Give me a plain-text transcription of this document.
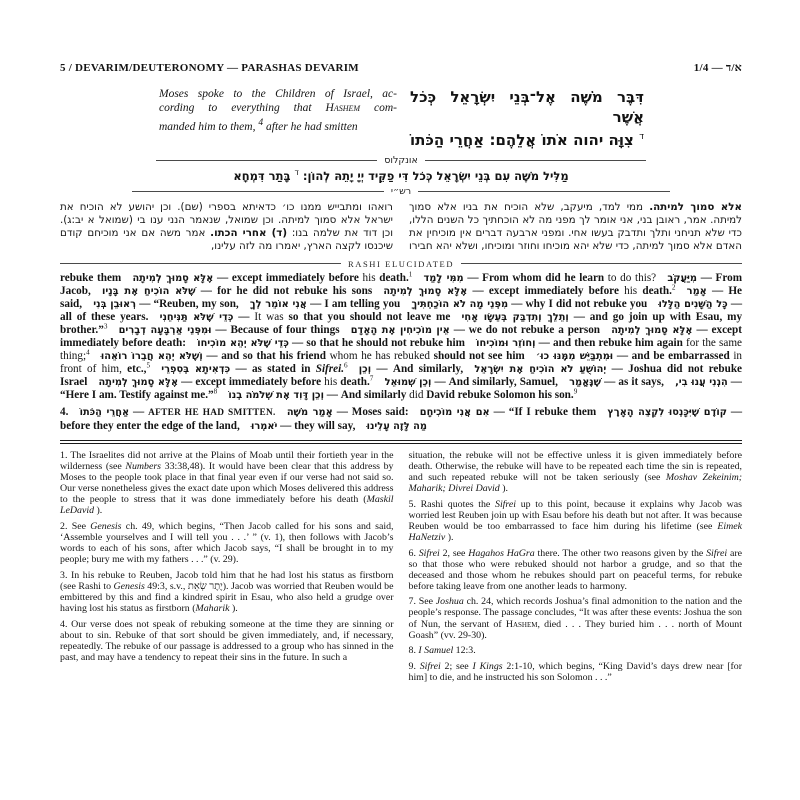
5 / DEVARIM/DEUTERONOMY — PARASHAS DEVARIM	1/4 — א/ד
Moses spoke to the Children of Israel, ac-
cording to everything that Hashem com-
manded him to them, $^4$ after he had smitten
דִּבֶּר מֹשֶׁה אֶל־בְּנֵי יִשְׂרָאֵל כְּכֹל אֲשֶׁר
$^ד$ צִוָּה יהוה אֹתוֹ אֲלֵהֶם: אַחֲרֵי הַכֹּתוֹ
אונקלוס
מַלִּיל מֹשֶׁה עִם בְּנֵי יִשְׂרָאֵל כְּכֹל דִּי פַקֵּיד יְיָ יָתֵהּ לְהוֹן: $^ד$ בָּתַר דִּמְחָא
רש״י
אלא סמוך למיתה. ממי למד, מיעקב, שלא הוכיח את בניו אלא סמוך למיתה. אמר, ראובן בני, אני אומר לך מפני מה לא הוכחתיך כל השנים הללו, כדי שלא תניחני ותלך ותדבק בעשו אחי. ומפני ארבעה דברים אין מוכיחין את האדם אלא סמוך למיתה, כדי שלא יהא מוכיחו וחוזר ומוכיחו, ושלא יהא חבירו רואהו ומתבייש ממנו כו׳ כדאיתא בספרי (שם). וכן יהושע לא הוכיח את ישראל אלא סמוך למיתה. וכן שמואל, שנאמר הנני ענו בי (שמואל א יב:ג). וכן דוד את שלמה בנו: (ד) אחרי הכתו. אמר משה אם אני מוכיחם קודם שיכנסו לקצה הארץ, יאמרו מה לזה עלינו,
RASHI ELUCIDATED

rebuke them   אֶלָּא סָמוּךְ לְמִיתָה — except immediately before his death.$^1$   מִמִּי לָמַד — From whom did he learn to do this?   מִיַּעֲקֹב — From Jacob,   שֶׁלֹּא הוֹכִיחַ אֶת בָּנָיו — for he did not rebuke his sons   אֶלָּא סָמוּךְ לְמִיתָה — except immediately before his death.$^2$   אָמַר — He said,   רְאוּבֵן בְּנִי — “Reuben, my son,   אֲנִי אוֹמֵר לְךָ — I am telling you   מִפְּנֵי מָה לֹא הוֹכַחְתִּיךָ — why I did not rebuke you   כָּל הַשָּׁנִים הַלָּלוּ — all of these years.   כְּדֵי שֶׁלֹּא תַּנִּיחֵנִי — It was so that you should not leave me   וְתֵלֵךְ וְתִדְבַּק בְּעֵשָׂו אָחִי — and go join up with Esau, my brother.”$^3$   וּמִפְּנֵי אַרְבָּעָה דְבָרִים — Because of four things   אֵין מוֹכִיחִין אֶת הָאָדָם — we do not rebuke a person   אֶלָּא סָמוּךְ לְמִיתָה — except immediately before death:   כְּדֵי שֶׁלֹּא יְהֵא מוֹכִיחוֹ — so that he should not rebuke him   וְחוֹזֵר וּמוֹכִיחוֹ — and then rebuke him again for the same thing;$^4$   וְשֶׁלֹּא יְהֵא חֲבֵרוֹ רוֹאֵהוּ — and so that his friend whom he has rebuked should not see him   וּמִתְבַּיֵּשׁ מִמֶּנּוּ כוּ׳ — and be embarrassed in front of him, etc.,$^5$   כִּדְאִיתָא בְּסִפְרֵי — as stated in Sifrei.$^6$   וְכֵן — And similarly,   יְהוֹשֻׁעַ לֹא הוֹכִיחַ אֶת יִשְׂרָאֵל — Joshua did not rebuke Israel   אֶלָּא סָמוּךְ לְמִיתָה — except immediately before his death.$^7$   וְכֵן שְׁמוּאֵל — And similarly, Samuel,   שֶׁנֶּאֱמַר — as it says,   הִנְנִי עֲנוּ בִי, — “Here I am. Testify against me.”$^8$   וְכֵן דָּוִד אֶת שְׁלֹמֹה בְנוֹ — And similarly did David rebuke Solomon his son.$^9$

4.   אַחֲרֵי הַכֹּתוֹ — AFTER HE HAD SMITTEN.   אָמַר מֹשֶׁה — Moses said:   אִם אֲנִי מוֹכִיחָם — “If I rebuke them   קוֹדֶם שֶׁיִּכָּנְסוּ לִקְצֵה הָאָרֶץ — before they enter the edge of the land,   יֹאמְרוּ — they will say,   מַה לָּזֶה עָלֵינוּ

1. The Israelites did not arrive at the Plains of Moab until their fortieth year in the wilderness (see Numbers 33:38,48). It would have been clear that this address by Moses to the people took place in that final year even if our verse had not said so. Our verse nonetheless gives the exact date upon which Moses delivered this address to the people to stress that it was done immediately before his death (Maskil LeDavid ).

2. See Genesis ch. 49, which begins, “Then Jacob called for his sons and said, ‘Assemble yourselves and I will tell you . . .’ ” (v. 1), then follows with Jacob’s words to each of his sons, after which Jacob says, “I shall be brought in to my people; bury me with my fathers . . .” (v. 29).

3. In his rebuke to Reuben, Jacob told him that he had lost his status as firstborn (see Rashi to Genesis 49:3, s.v., יֶתֶר שְׂאֵת). Jacob was worried that Reuben would be embittered by this and find a kindred spirit in Esau, who also held a grudge over having lost his status as firstborn (Maharik ).

4. Our verse does not speak of rebuking someone at the time they are sinning or about to sin. Rebuke of that sort should be given immediately, and, if necessary, repeatedly. The rebuke of our passage is addressed to a group who has sinned in the past, and may have a tendency to repeat their sins in the future. In such a

situation, the rebuke will not be effective unless it is given immediately before death. Otherwise, the rebuke will have to be repeated each time the sin is repeated, and such repeated rebuke will not be taken seriously (see Moshav Zekeinim; Maharik; Divrei David ).

5. Rashi quotes the Sifrei up to this point, because it explains why Jacob was worried lest Reuben join up with Esau before his death but not after. It was because Reuben would be too embarrassed to face him during his lifetime (see Eimek HaNetziv ).

6. Sifrei 2, see Hagahos HaGra there. The other two reasons given by the Sifrei are so that those who were rebuked should not harbor a grudge, and so that the deceased and those whom he rebukes should part on peaceful terms, for rebuke before taking leave from one another leads to harmony.

7. See Joshua ch. 24, which records Joshua’s final admonition to the nation and the people’s response. The passage concludes, “It was after these events: Joshua the son of Nun, the servant of Hashem, died . . . They buried him . . . north of Mount Goash” (vv. 29-30).

8. I Samuel 12:3.

9. Sifrei 2; see I Kings 2:1-10, which begins, “King David’s days drew near [for him] to die, and he instructed his son Solomon . . .”
